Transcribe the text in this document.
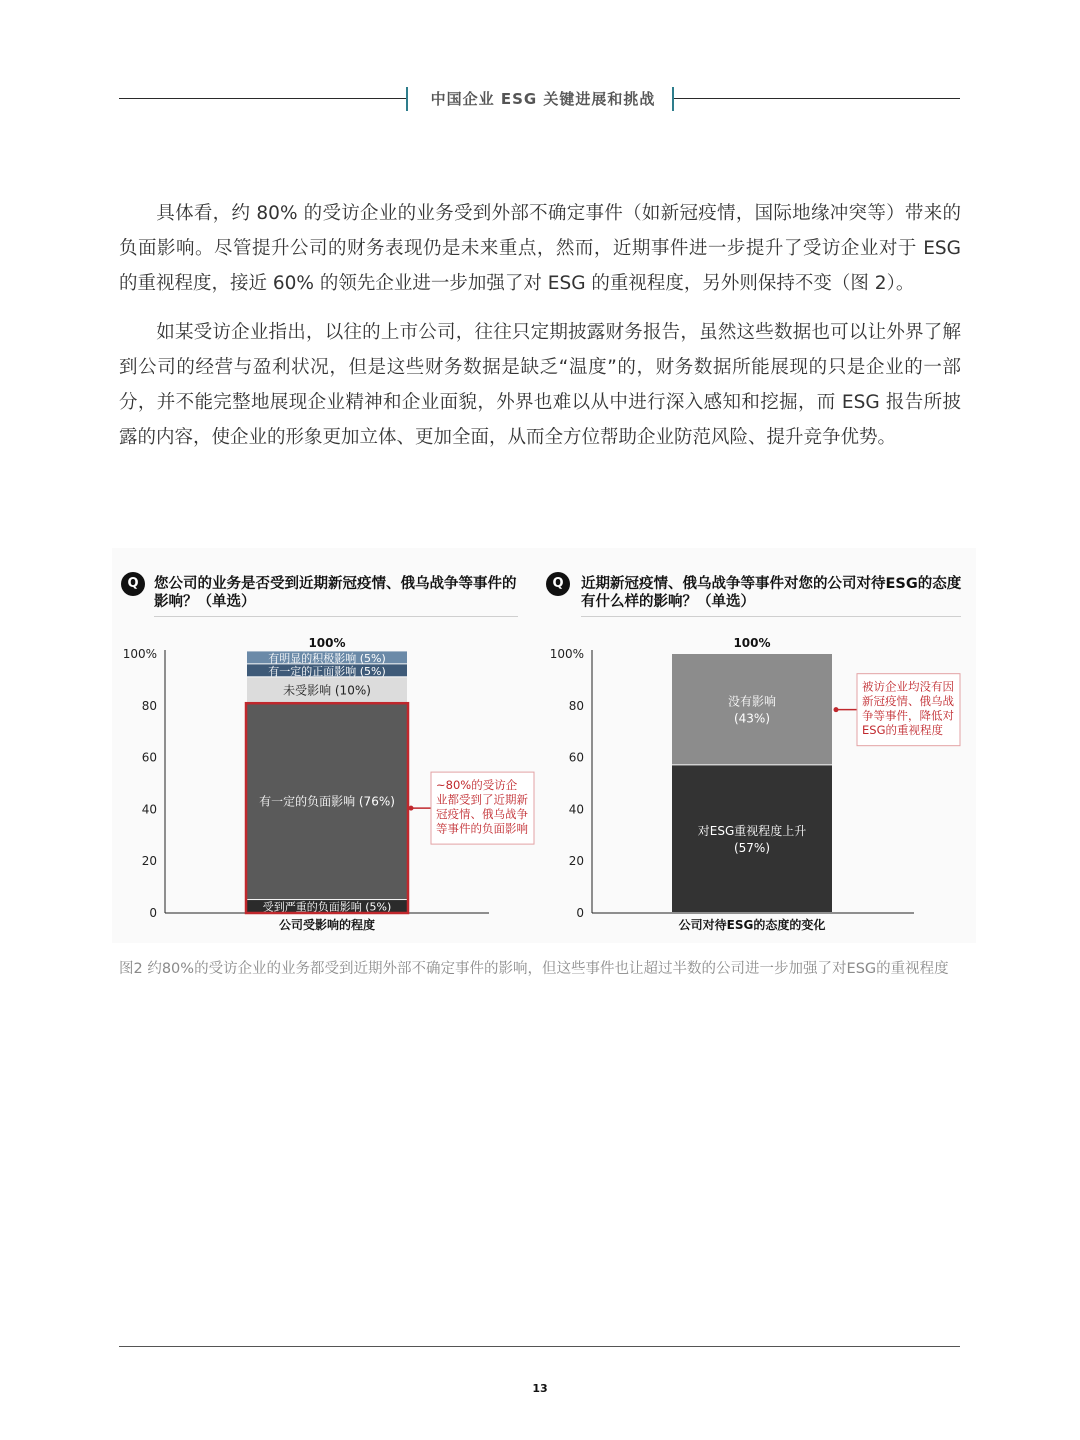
中国企业 ESG 关键进展和挑战

具体看，约 80% 的受访企业的业务受到外部不确定事件（如新冠疫情，国际地缘冲突等）带来的负面影响。尽管提升公司的财务表现仍是未来重点，然而，近期事件进一步提升了受访企业对于 ESG 的重视程度，接近 60% 的领先企业进一步加强了对 ESG 的重视程度，另外则保持不变（图 2）。

如某受访企业指出，以往的上市公司，往往只定期披露财务报告，虽然这些数据也可以让外界了解到公司的经营与盈利状况，但是这些财务数据是缺乏“温度”的，财务数据所能展现的只是企业的一部分，并不能完整地展现企业精神和企业面貌，外界也难以从中进行深入感知和挖掘，而 ESG 报告所披露的内容，使企业的形象更加立体、更加全面，从而全方位帮助企业防范风险、提升竞争优势。

Q	您公司的业务是否受到近期新冠疫情、俄乌战争等事件的影响？（单选）
0
20
40
60
80
100%
受到严重的负面影响 (5%)
有一定的负面影响 (76%)
未受影响 (10%)
有一定的正面影响 (5%)
有明显的积极影响 (5%)
100%
公司受影响的程度
~80%的受访企
业都受到了近期新
冠疫情、俄乌战争
等事件的负面影响
Q	近期新冠疫情、俄乌战争等事件对您的公司对待ESG的态度有什么样的影响？（单选）
0
20
40
60
80
100%
对ESG重视程度上升
(57%)
没有影响
(43%)
100%
公司对待ESG的态度的变化
被访企业均没有因
新冠疫情、俄乌战
争等事件，降低对
ESG的重视程度
图2 约80%的受访企业的业务都受到近期外部不确定事件的影响，但这些事件也让超过半数的公司进一步加强了对ESG的重视程度
13
